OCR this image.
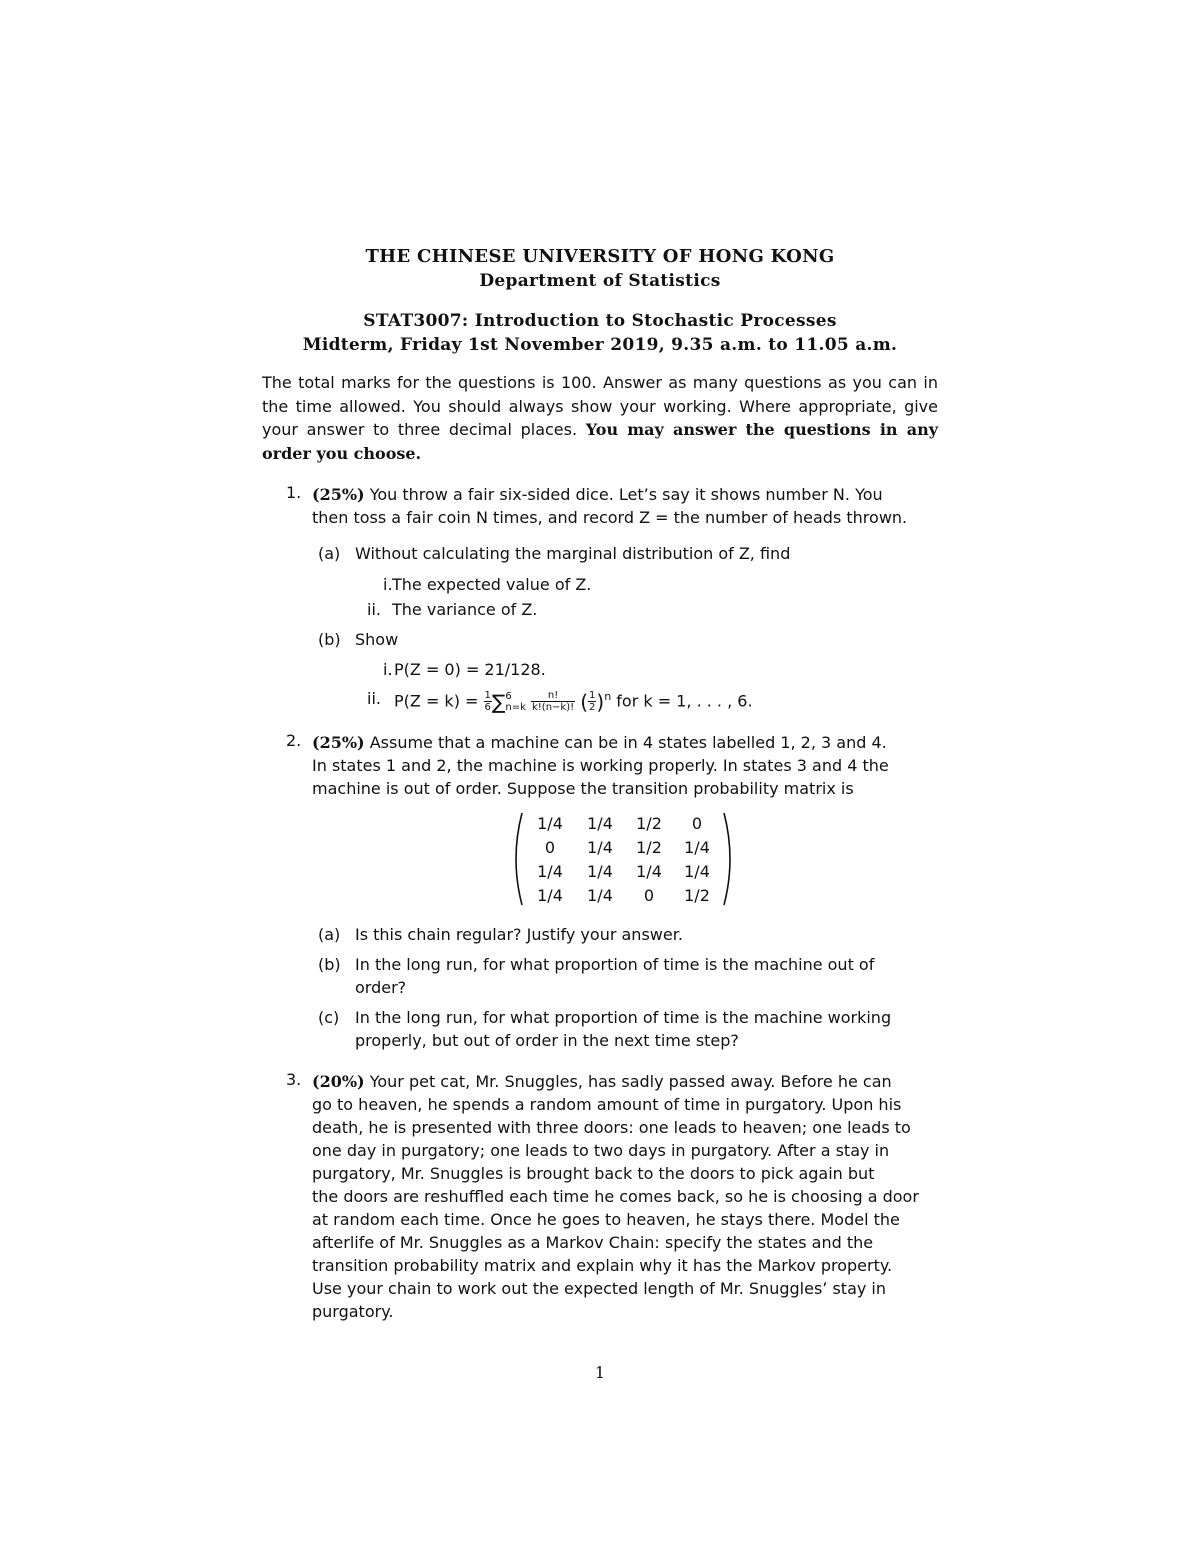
THE CHINESE UNIVERSITY OF HONG KONG
Department of Statistics
STAT3007: Introduction to Stochastic Processes
Midterm, Friday 1st November 2019, 9.35 a.m. to 11.05 a.m.
The total marks for the questions is 100. Answer as many questions as you can in the time allowed. You should always show your working. Where appropriate, give your answer to three decimal places. You may answer the questions in any order you choose.
1. (25%) You throw a fair six-sided dice. Let’s say it shows number N. You
then toss a fair coin N times, and record Z = the number of heads thrown.
(a) Without calculating the marginal distribution of Z, find
i. The expected value of Z.
ii. The variance of Z.
(b) Show
i. P(Z = 0) = 21/128.
ii. $P(Z = k) = \frac{1}{6}$ ∑ 6
n=k
$\frac{n!}{k!(n-k)!}$ ( $\frac{1}{2} )^n$ for k = 1, . . . , 6.
2. (25%) Assume that a machine can be in 4 states labelled 1, 2, 3 and 4.
In states 1 and 2, the machine is working properly. In states 3 and 4 the
machine is out of order. Suppose the transition probability matrix is
1/4	1/4	1/2	0
0	1/4	1/2	1/4
1/4	1/4	1/4	1/4
1/4	1/4	0	1/2
(a) Is this chain regular? Justify your answer.
(b) In the long run, for what proportion of time is the machine out of
order?
(c) In the long run, for what proportion of time is the machine working
properly, but out of order in the next time step?
3. (20%) Your pet cat, Mr. Snuggles, has sadly passed away. Before he can
go to heaven, he spends a random amount of time in purgatory. Upon his
death, he is presented with three doors: one leads to heaven; one leads to
one day in purgatory; one leads to two days in purgatory. After a stay in
purgatory, Mr. Snuggles is brought back to the doors to pick again but
the doors are reshuffled each time he comes back, so he is choosing a door
at random each time. Once he goes to heaven, he stays there. Model the
afterlife of Mr. Snuggles as a Markov Chain: specify the states and the
transition probability matrix and explain why it has the Markov property.
Use your chain to work out the expected length of Mr. Snuggles’ stay in
purgatory.
1
